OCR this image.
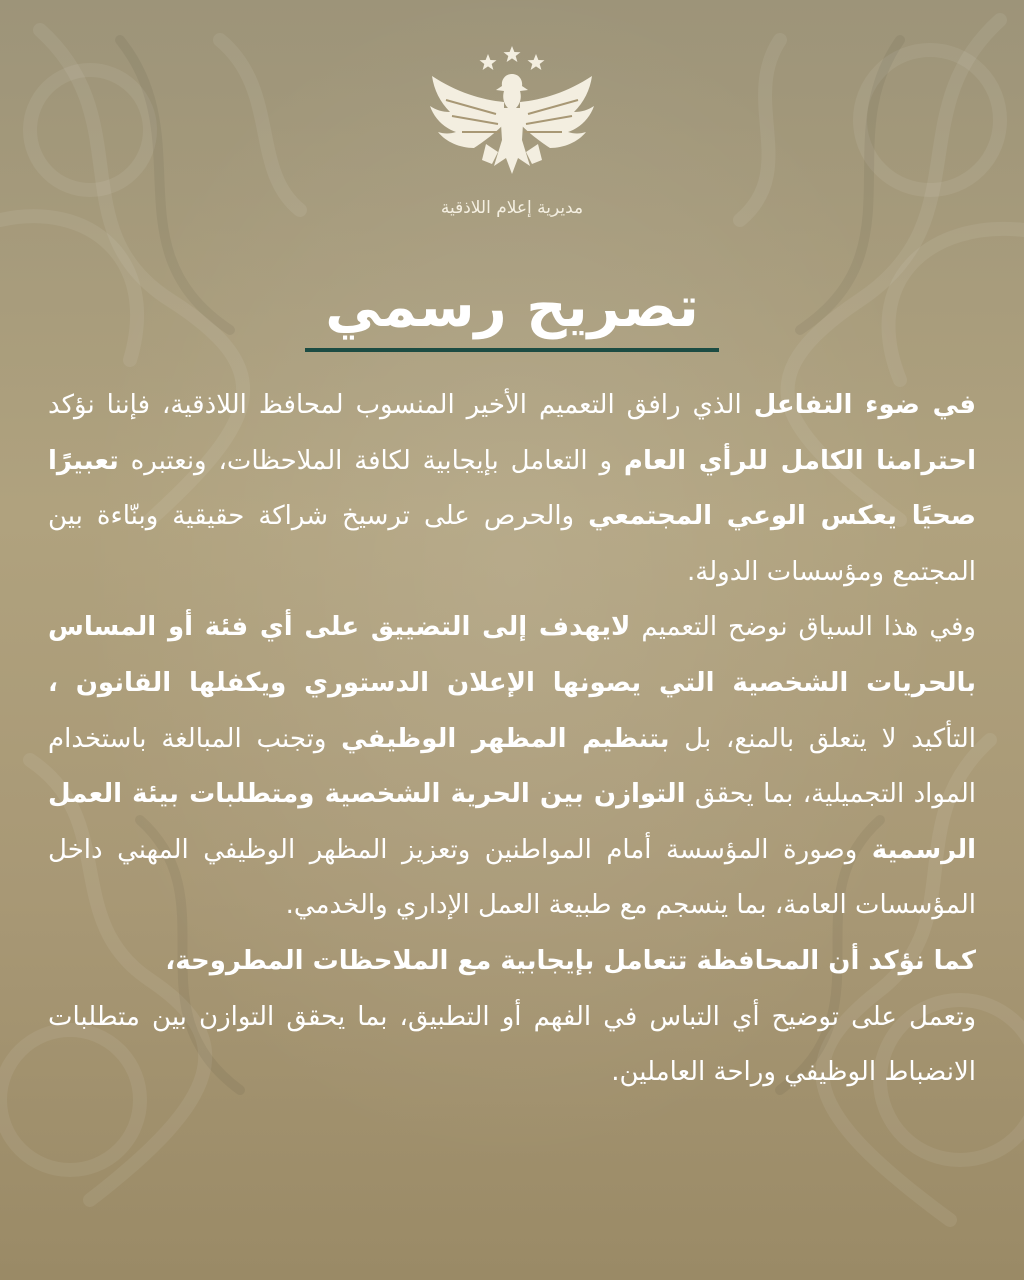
مديرية إعلام اللاذقية
تصريح رسمي

في ضوء التفاعل الذي رافق التعميم الأخير المنسوب لمحافظ اللاذقية، فإننا نؤكد احترامنا الكامل للرأي العام و التعامل بإيجابية لكافة الملاحظات، ونعتبره تعبيرًا صحيًا يعكس الوعي المجتمعي والحرص على ترسيخ شراكة حقيقية وبنّاءة بين المجتمع ومؤسسات الدولة.

وفي هذا السياق نوضح التعميم لايهدف إلى التضييق على أي فئة أو المساس بالحريات الشخصية التي يصونها الإعلان الدستوري ويكفلها القانون ، التأكيد لا يتعلق بالمنع، بل بتنظيم المظهر الوظيفي وتجنب المبالغة باستخدام المواد التجميلية، بما يحقق التوازن بين الحرية الشخصية ومتطلبات بيئة العمل الرسمية وصورة المؤسسة أمام المواطنين وتعزيز المظهر الوظيفي المهني داخل المؤسسات العامة، بما ينسجم مع طبيعة العمل الإداري والخدمي.

كما نؤكد أن المحافظة تتعامل بإيجابية مع الملاحظات المطروحة،
وتعمل على توضيح أي التباس في الفهم أو التطبيق، بما يحقق التوازن بين متطلبات الانضباط الوظيفي وراحة العاملين.
